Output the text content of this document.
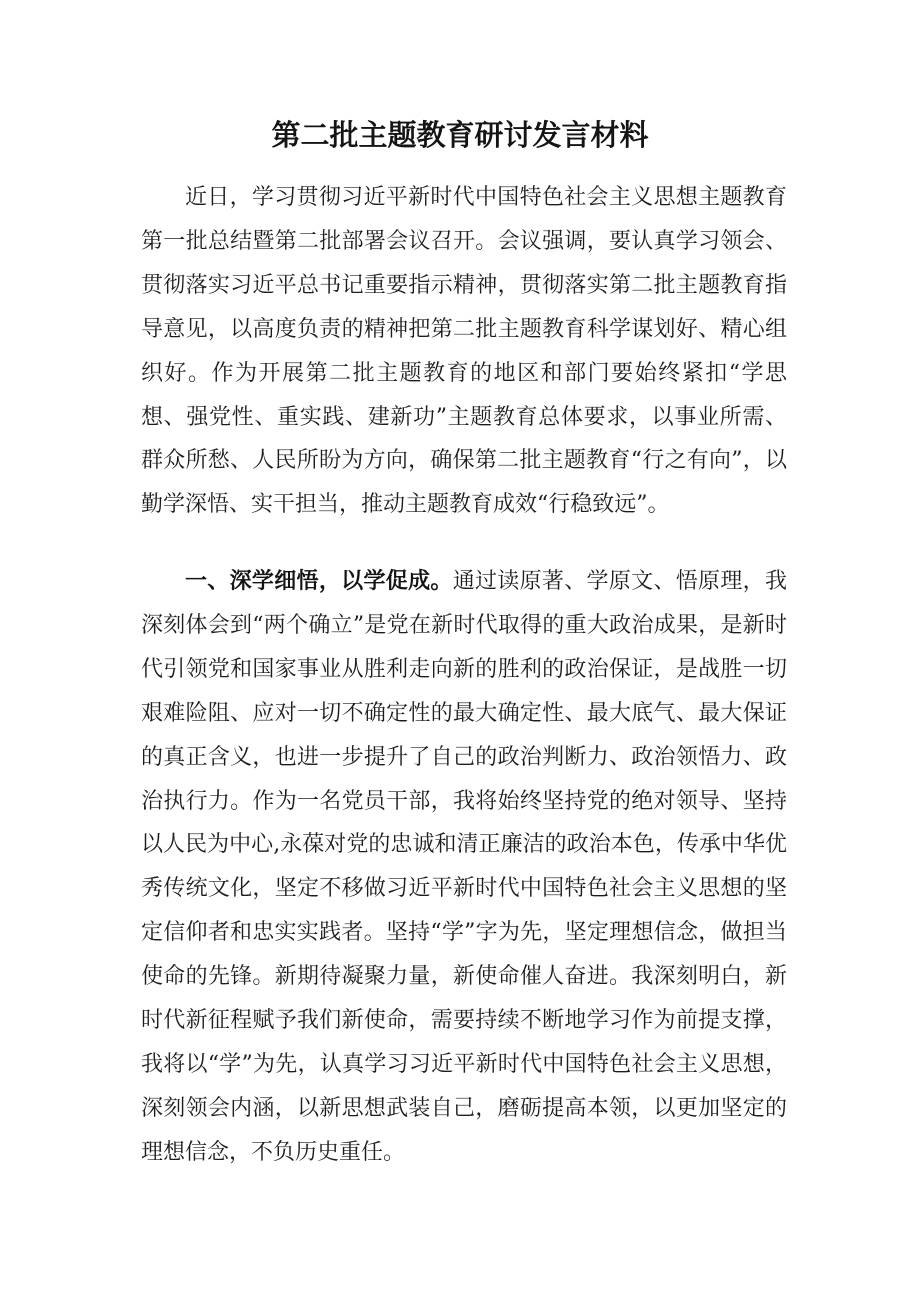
第二批主题教育研讨发言材料

近日，学习贯彻习近平新时代中国特色社会主义思想主题教育第一批总结暨第二批部署会议召开。会议强调，要认真学习领会、贯彻落实习近平总书记重要指示精神，贯彻落实第二批主题教育指导意见，以高度负责的精神把第二批主题教育科学谋划好、精心组织好。作为开展第二批主题教育的地区和部门要始终紧扣“学思想、强党性、重实践、建新功”主题教育总体要求，以事业所需、群众所愁、人民所盼为方向，确保第二批主题教育“行之有向”，以勤学深悟、实干担当，推动主题教育成效“行稳致远”。

一、深学细悟，以学促成。通过读原著、学原文、悟原理，我深刻体会到“两个确立”是党在新时代取得的重大政治成果，是新时代引领党和国家事业从胜利走向新的胜利的政治保证，是战胜一切艰难险阻、应对一切不确定性的最大确定性、最大底气、最大保证的真正含义，也进一步提升了自己的政治判断力、政治领悟力、政治执行力。作为一名党员干部，我将始终坚持党的绝对领导、坚持以人民为中心,永葆对党的忠诚和清正廉洁的政治本色，传承中华优秀传统文化，坚定不移做习近平新时代中国特色社会主义思想的坚定信仰者和忠实实践者。坚持“学”字为先，坚定理想信念，做担当使命的先锋。新期待凝聚力量，新使命催人奋进。我深刻明白，新时代新征程赋予我们新使命，需要持续不断地学习作为前提支撑，我将以“学”为先，认真学习习近平新时代中国特色社会主义思想，深刻领会内涵，以新思想武装自己，磨砺提高本领，以更加坚定的理想信念，不负历史重任。
